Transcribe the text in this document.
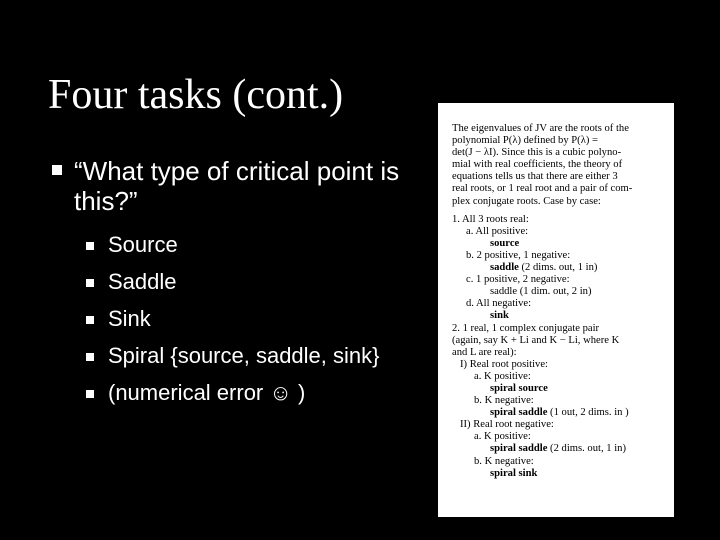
Four tasks (cont.)
“What type of critical point is this?”
Source
Saddle
Sink
Spiral {source, saddle, sink}
(numerical error ☺ )
The eigenvalues of JV are the roots of the
polynomial P(λ) defined by P(λ) =
det(J − λI). Since this is a cubic polyno-
mial with real coefficients, the theory of
equations tells us that there are either 3
real roots, or 1 real root and a pair of com-
plex conjugate roots. Case by case:
1. All 3 roots real:
a. All positive:
source
b. 2 positive, 1 negative:
saddle (2 dims. out, 1 in)
c. 1 positive, 2 negative:
saddle (1 dim. out, 2 in)
d. All negative:
sink
2. 1 real, 1 complex conjugate pair
(again, say K + Li and K − Li, where K
and L are real):
I) Real root positive:
a. K positive:
spiral source
b. K negative:
spiral saddle (1 out, 2 dims. in )
II) Real root negative:
a. K positive:
spiral saddle (2 dims. out, 1 in)
b. K negative:
spiral sink
